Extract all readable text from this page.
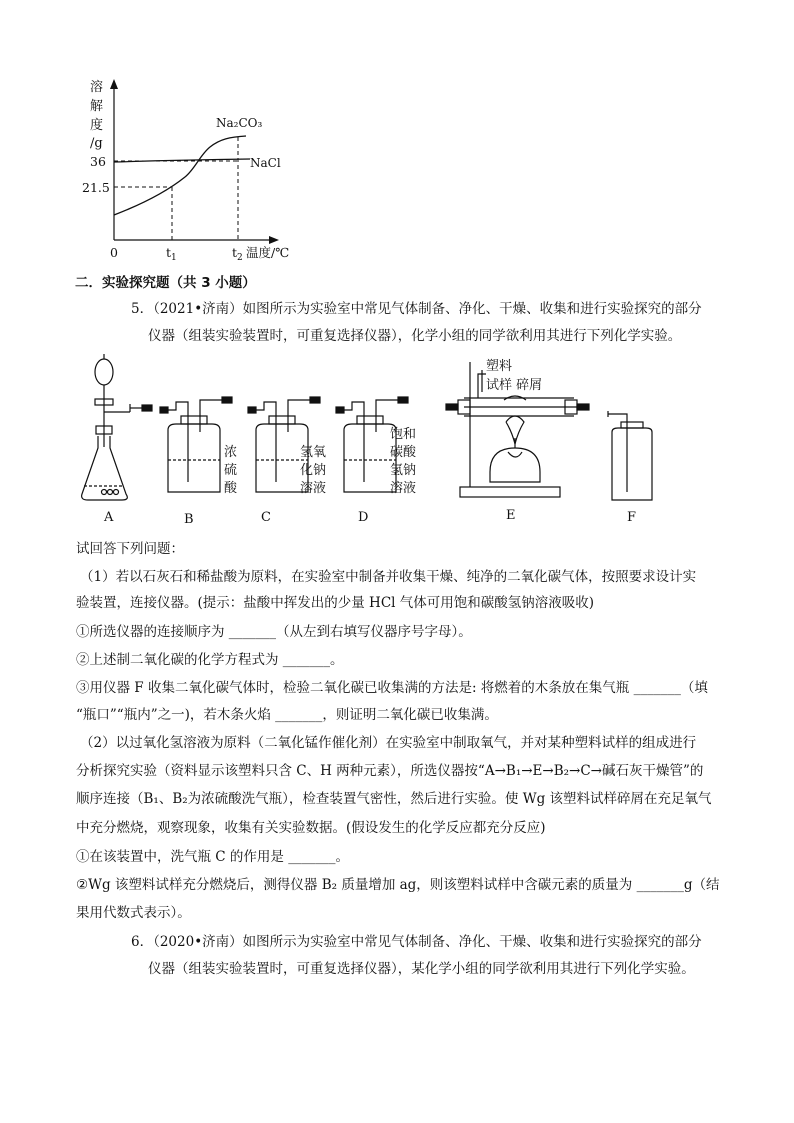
溶
解
度
/g
36
21.5
0	$t_1$	$t_2$ 温度/℃
Na₂CO₃
NaCl
二．实验探究题（共 3 小题）
5．（2021•济南）如图所示为实验室中常见气体制备、净化、干燥、收集和进行实验探究的部分
仪器（组装实验装置时，可重复选择仪器），化学小组的同学欲利用其进行下列化学实验。
浓
硫
酸
氢氧
化钠
溶液
饱和
碳酸
氢钠
溶液
塑料
试样 碎屑
A	B	C	D	E	F
试回答下列问题：
（1）若以石灰石和稀盐酸为原料，在实验室中制备并收集干燥、纯净的二氧化碳气体，按照要求设计实
验装置，连接仪器。(提示：盐酸中挥发出的少量 HCl 气体可用饱和碳酸氢钠溶液吸收)
①所选仪器的连接顺序为 _______（从左到右填写仪器序号字母）。
②上述制二氧化碳的化学方程式为 _______。
③用仪器 F 收集二氧化碳气体时，检验二氧化碳已收集满的方法是: 将燃着的木条放在集气瓶 _______（填
“瓶口”“瓶内”之一)，若木条火焰 _______，则证明二氧化碳已收集满。
（2）以过氧化氢溶液为原料（二氧化锰作催化剂）在实验室中制取氧气，并对某种塑料试样的组成进行
分析探究实验（资料显示该塑料只含 C、H 两种元素），所选仪器按“A→B₁→E→B₂→C→碱石灰干燥管”的
顺序连接（B₁、B₂为浓硫酸洗气瓶），检查装置气密性，然后进行实验。使 Wg 该塑料试样碎屑在充足氧气
中充分燃烧，观察现象，收集有关实验数据。(假设发生的化学反应都充分反应)
①在该装置中，洗气瓶 C 的作用是 _______。
②Wg 该塑料试样充分燃烧后，测得仪器 B₂ 质量增加 ag，则该塑料试样中含碳元素的质量为 _______g（结
果用代数式表示）。
6．（2020•济南）如图所示为实验室中常见气体制备、净化、干燥、收集和进行实验探究的部分
仪器（组装实验装置时，可重复选择仪器），某化学小组的同学欲利用其进行下列化学实验。
